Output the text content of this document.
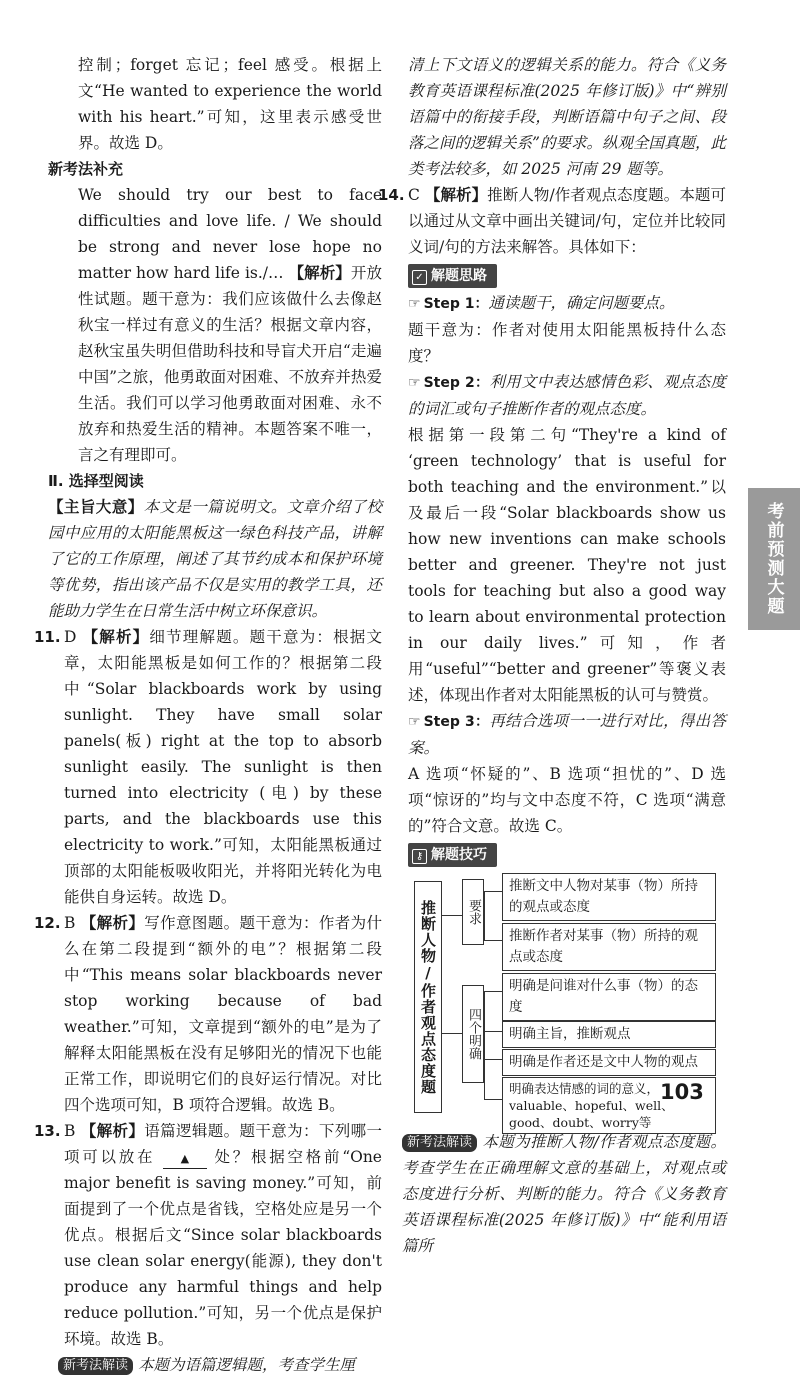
控制；forget 忘记；feel 感受。根据上文“He wanted to experience the world with his heart.”可知，这里表示感受世界。故选 D。

新考法补充

We should try our best to face difficulties and love life. / We should be strong and never lose hope no matter how hard life is./… 【解析】开放性试题。题干意为：我们应该做什么去像赵秋宝一样过有意义的生活？根据文章内容，赵秋宝虽失明但借助科技和导盲犬开启“走遍中国”之旅，他勇敢面对困难、不放弃并热爱生活。我们可以学习他勇敢面对困难、永不放弃和热爱生活的精神。本题答案不唯一，言之有理即可。

Ⅱ. 选择型阅读

【主旨大意】本文是一篇说明文。文章介绍了校园中应用的太阳能黑板这一绿色科技产品，讲解了它的工作原理，阐述了其节约成本和保护环境等优势，指出该产品不仅是实用的教学工具，还能助力学生在日常生活中树立环保意识。

11. D 【解析】细节理解题。题干意为：根据文章，太阳能黑板是如何工作的？根据第二段中“Solar blackboards work by using sunlight. They have small solar panels(板) right at the top to absorb sunlight easily. The sunlight is then turned into electricity (电) by these parts, and the blackboards use this electricity to work.”可知，太阳能黑板通过顶部的太阳能板吸收阳光，并将阳光转化为电能供自身运转。故选 D。

12. B 【解析】写作意图题。题干意为：作者为什么在第二段提到“额外的电”？根据第二段中“This means solar blackboards never stop working because of bad weather.”可知，文章提到“额外的电”是为了解释太阳能黑板在没有足够阳光的情况下也能正常工作，即说明它们的良好运行情况。对比四个选项可知，B 项符合逻辑。故选 B。

13. B 【解析】语篇逻辑题。题干意为：下列哪一项可以放在 ▲ 处？根据空格前“One major benefit is saving money.”可知，前面提到了一个优点是省钱，空格处应是另一个优点。根据后文“Since solar blackboards use clean solar energy(能源), they don't produce any harmful things and help reduce pollution.”可知，另一个优点是保护环境。故选 B。

新考法解读 本题为语篇逻辑题，考查学生厘

清上下文语义的逻辑关系的能力。符合《义务教育英语课程标准(2025 年修订版)》中“辨别语篇中的衔接手段，判断语篇中句子之间、段落之间的逻辑关系”的要求。纵观全国真题，此类考法较多，如 2025 河南 29 题等。

14. C 【解析】推断人物/作者观点态度题。本题可以通过从文章中画出关键词/句，定位并比较同义词/句的方法来解答。具体如下：

✓ 解题思路

☞ Step 1：通读题干，确定问题要点。

题干意为：作者对使用太阳能黑板持什么态度？

☞ Step 2：利用文中表达感情色彩、观点态度的词汇或句子推断作者的观点态度。

根据第一段第二句“They're a kind of ‘green technology’ that is useful for both teaching and the environment.”以及最后一段“Solar blackboards show us how new inventions can make schools better and greener. They're not just tools for teaching but also a good way to learn about environmental protection in our daily lives.”可知，作者用“useful”“better and greener”等褒义表述，体现出作者对太阳能黑板的认可与赞赏。

☞ Step 3：再结合选项一一进行对比，得出答案。

A 选项“怀疑的”、B 选项“担忧的”、D 选项“惊讶的”均与文中态度不符，C 选项“满意的”符合文意。故选 C。

⚷ 解题技巧
推断人物/作者观点态度题	要求
推断文中人物对某事（物）所持的观点或态度
推断作者对某事（物）所持的观点或态度
四个明确
明确是问谁对什么事（物）的态度
明确主旨，推断观点
明确是作者还是文中人物的观点
明确表达情感的词的意义，valuable、hopeful、well、good、doubt、worry等

新考法解读 本题为推断人物/作者观点态度题。考查学生在正确理解文意的基础上，对观点或态度进行分析、判断的能力。符合《义务教育英语课程标准(2025 年修订版)》中“能利用语篇所

考前预测大题
103
